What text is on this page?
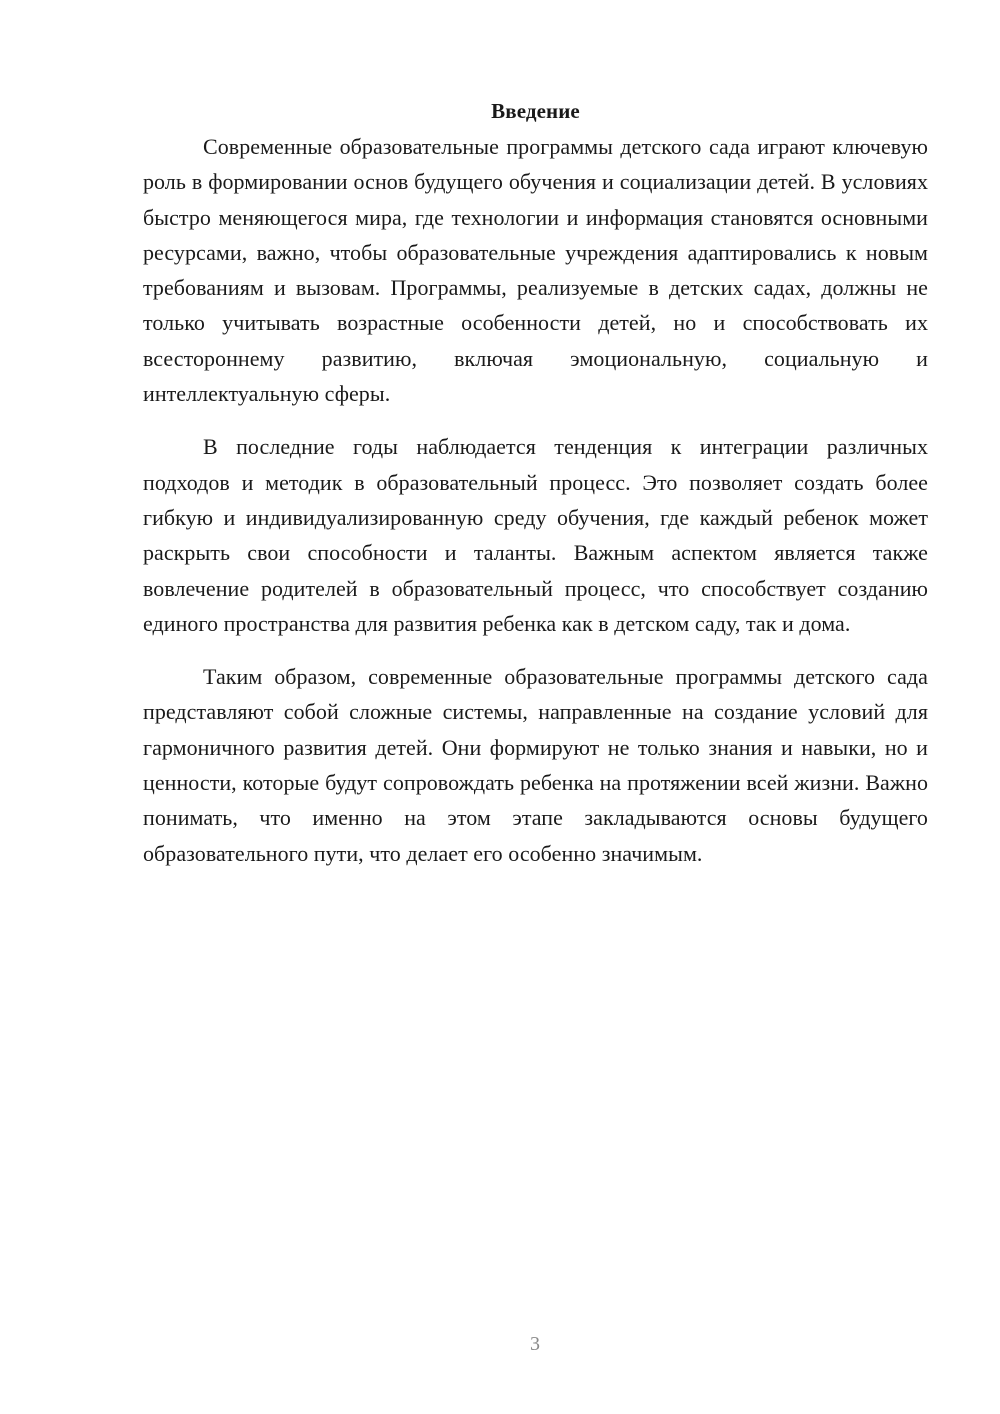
Введение

Современные образовательные программы детского сада играют ключевую роль в формировании основ будущего обучения и социализации детей. В условиях быстро меняющегося мира, где технологии и информация становятся основными ресурсами, важно, чтобы образовательные учреждения адаптировались к новым требованиям и вызовам. Программы, реализуемые в детских садах, должны не только учитывать возрастные особенности детей, но и способствовать их всестороннему развитию, включая эмоциональную, социальную и интеллектуальную сферы.

В последние годы наблюдается тенденция к интеграции различных подходов и методик в образовательный процесс. Это позволяет создать более гибкую и индивидуализированную среду обучения, где каждый ребенок может раскрыть свои способности и таланты. Важным аспектом является также вовлечение родителей в образовательный процесс, что способствует созданию единого пространства для развития ребенка как в детском саду, так и дома.

Таким образом, современные образовательные программы детского сада представляют собой сложные системы, направленные на создание условий для гармоничного развития детей. Они формируют не только знания и навыки, но и ценности, которые будут сопровождать ребенка на протяжении всей жизни. Важно понимать, что именно на этом этапе закладываются основы будущего образовательного пути, что делает его особенно значимым.

3
